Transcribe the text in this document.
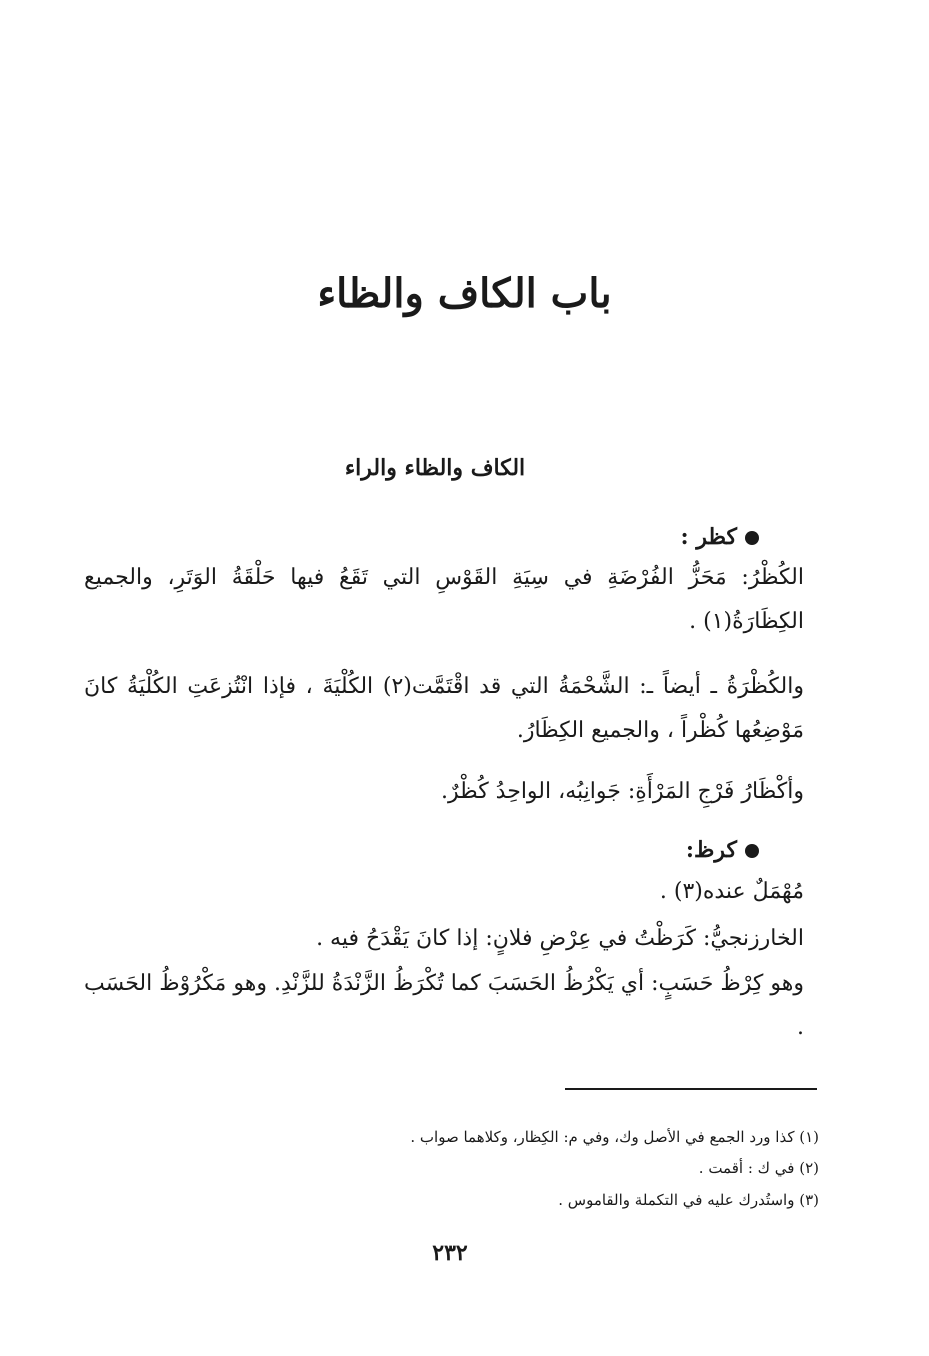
باب الكاف والظاء
الكاف والظاء والراء

كظر :

الكُظْرُ: مَحَزُّ الفُرْضَةِ في سِيَةِ القَوْسِ التي تَقَعُ فيها حَلْقَةُ الوَتَرِ، والجميع الكِظَارَةُ(١) .

والكُظْرَةُ ـ أيضاً ـ: الشَّحْمَةُ التي قد اقْتَمَّت(٢) الكُلْيَةَ ، فإذا انْتُزعَتِ الكُلْيَةُ كانَ مَوْضِعُها كُظْراً ، والجميع الكِظَارُ.

وأكْظَارُ فَرْجِ المَرْأَةِ: جَوانِبُه، الواحِدُ كُظْرٌ.

كرظ:

مُهْمَلٌ عنده(٣) .

الخارزنجيُّ: كَرَظْتُ في عِرْضِ فلانٍ: إذا كانَ يَقْدَحُ فيه .

وهو كِرْظُ حَسَبٍ: أي يَكْرُظُ الحَسَبَ كما تُكْرَظُ الزَّنْدَةُ للزَّنْدِ. وهو مَكْرُوْظُ الحَسَب .

(١) كذا ورد الجمع في الأصل وك، وفي م: الكِظار، وكلاهما صواب .

(٢) في ك : أقمت .

(٣) واستُدرك عليه في التكملة والقاموس .

٢٣٢
